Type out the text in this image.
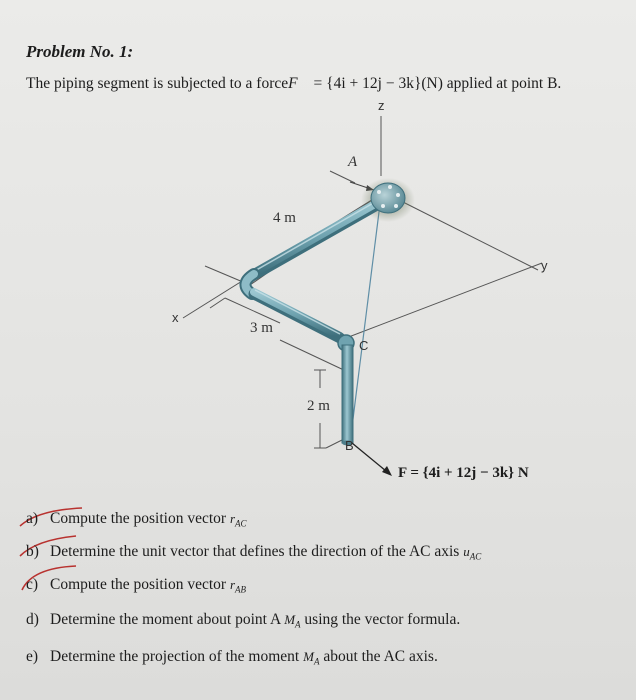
Problem No. 1:
The piping segment is subjected to a forceF = {4i + 12j − 3k}(N) applied at point B.
z
y
x
A
C
B
4 m
3 m
2 m
F = {4i + 12j − 3k} N
a) Compute the position vector $r_{AC}$
b) Determine the unit vector that defines the direction of the AC axis $u_{AC}$
c) Compute the position vector $r_{AB}$
d) Determine the moment about point A $M_A$ using the vector formula.
e) Determine the projection of the moment $M_A$ about the AC axis.
